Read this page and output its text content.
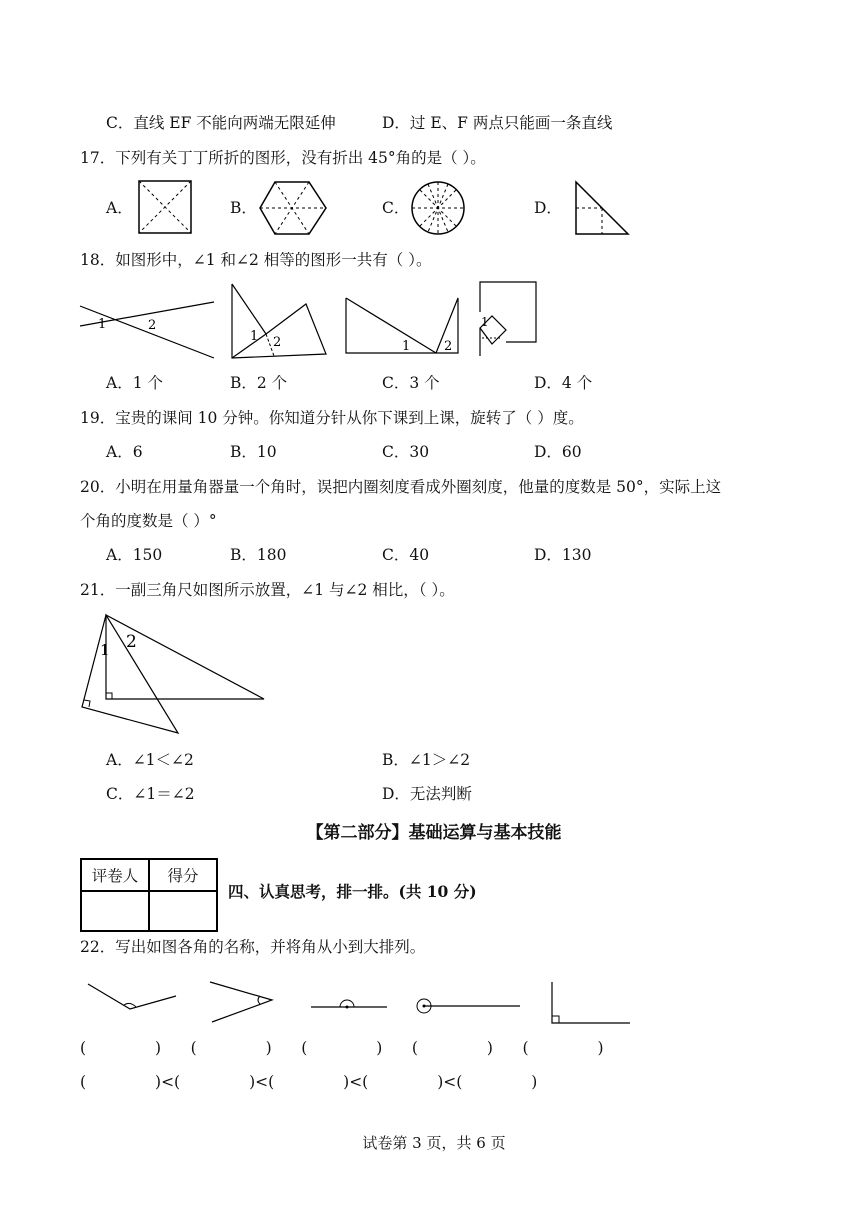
C．直线 EF 不能向两端无限延伸	D．过 E、F 两点只能画一条直线
17．下列有关丁丁所折的图形，没有折出 45°角的是（ ）。
A．	B．	C．	D．
18．如图形中，∠1 和∠2 相等的图形一共有（ ）。
1	2
1 2	1	2
1
A．1 个	B．2 个	C．3 个	D．4 个
19．宝贵的课间 10 分钟。你知道分针从你下课到上课，旋转了（ ）度。
A．6	B．10	C．30	D．60
20．小明在用量角器量一个角时，误把内圈刻度看成外圈刻度，他量的度数是 50°，实际上这
个角的度数是（ ）°
A．150	B．180	C．40	D．130
21．一副三角尺如图所示放置，∠1 与∠2 相比，（ ）。
1 2
A．∠1＜∠2	B．∠1＞∠2
C．∠1＝∠2	D．无法判断
【第二部分】基础运算与基本技能
评卷人	得分

四、认真思考，排一排。(共 10 分)
22．写出如图各角的名称，并将角从小到大排列。
(              )      (              )      (              )      (              )      (              )
(              )<(              )<(              )<(              )<(              )
试卷第 3 页，共 6 页
